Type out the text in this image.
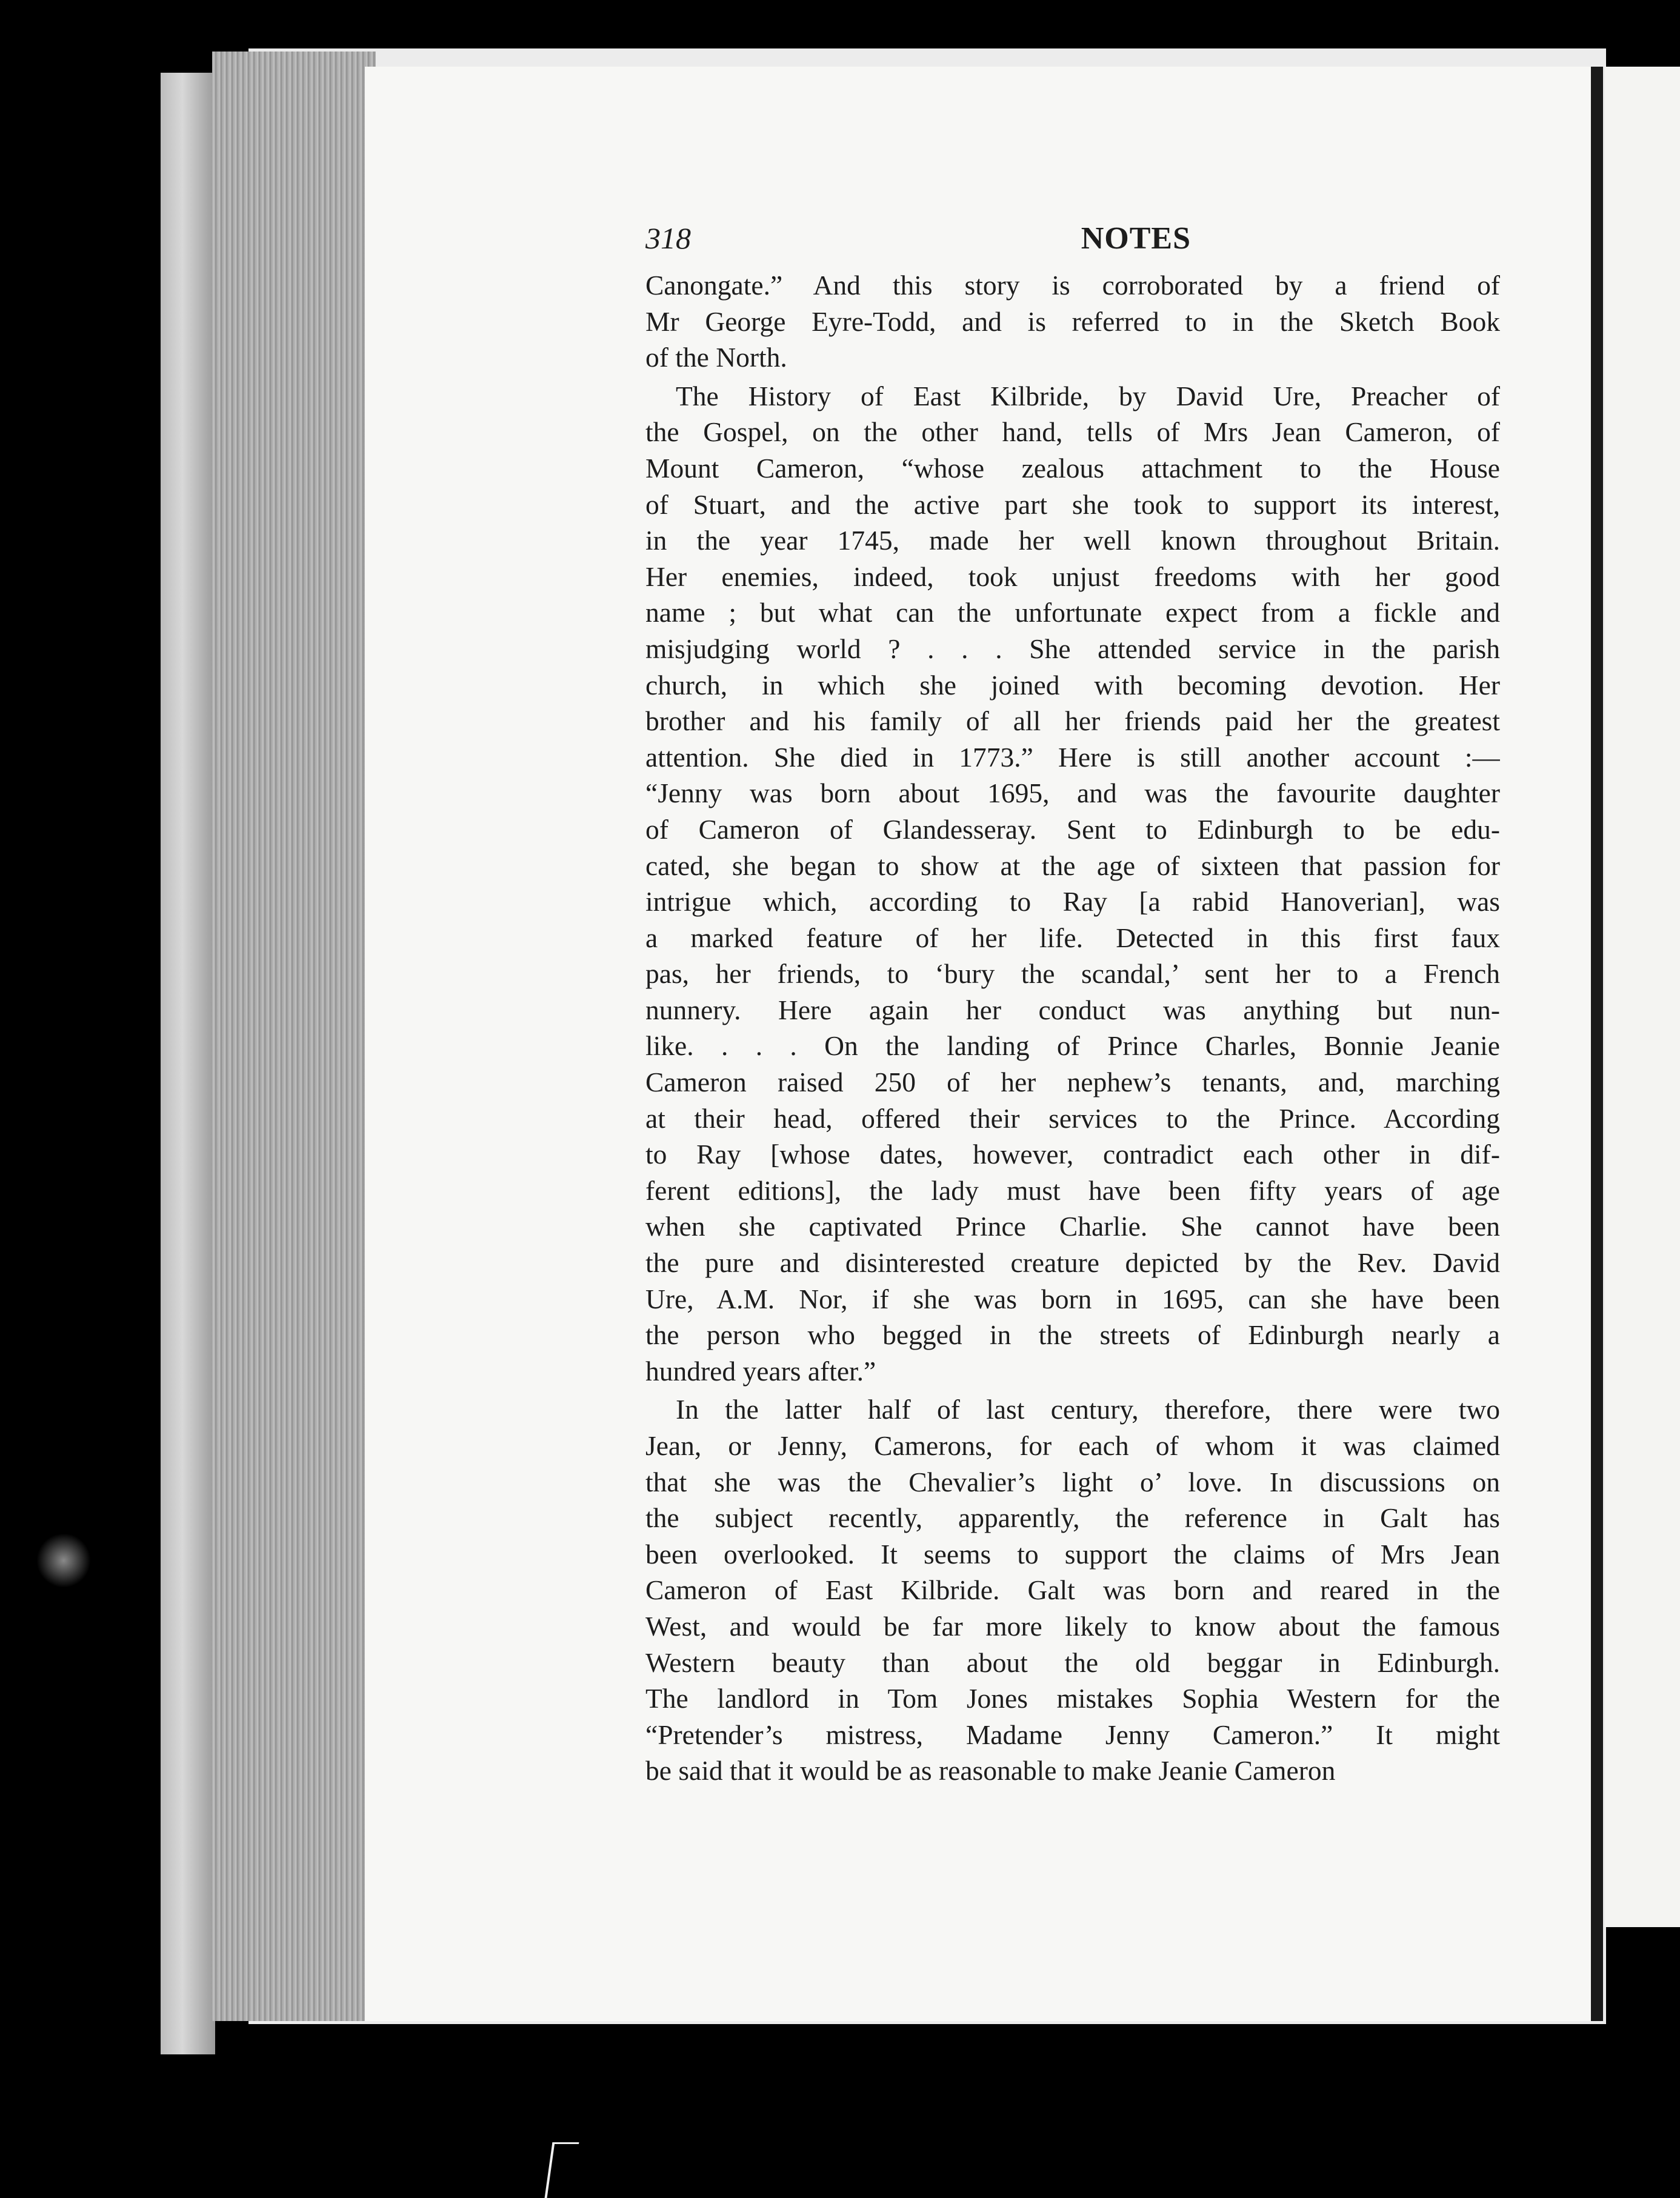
318	NOTES
Canongate.” And this story is corroborated by a friend of
Mr George Eyre-Todd, and is referred to in the Sketch Book
of the North.
The History of East Kilbride, by David Ure, Preacher of
the Gospel, on the other hand, tells of Mrs Jean Cameron, of
Mount Cameron, “whose zealous attachment to the House
of Stuart, and the active part she took to support its interest,
in the year 1745, made her well known throughout Britain.
Her enemies, indeed, took unjust freedoms with her good
name ; but what can the unfortunate expect from a fickle and
misjudging world ? . . . She attended service in the parish
church, in which she joined with becoming devotion. Her
brother and his family of all her friends paid her the greatest
attention. She died in 1773.” Here is still another account :—
“Jenny was born about 1695, and was the favourite daughter
of Cameron of Glandesseray. Sent to Edinburgh to be edu-
cated, she began to show at the age of sixteen that passion for
intrigue which, according to Ray [a rabid Hanoverian], was
a marked feature of her life. Detected in this first faux
pas, her friends, to ‘bury the scandal,’ sent her to a French
nunnery. Here again her conduct was anything but nun-
like. . . . On the landing of Prince Charles, Bonnie Jeanie
Cameron raised 250 of her nephew’s tenants, and, marching
at their head, offered their services to the Prince. According
to Ray [whose dates, however, contradict each other in dif-
ferent editions], the lady must have been fifty years of age
when she captivated Prince Charlie. She cannot have been
the pure and disinterested creature depicted by the Rev. David
Ure, A.M. Nor, if she was born in 1695, can she have been
the person who begged in the streets of Edinburgh nearly a
hundred years after.”
In the latter half of last century, therefore, there were two
Jean, or Jenny, Camerons, for each of whom it was claimed
that she was the Chevalier’s light o’ love. In discussions on
the subject recently, apparently, the reference in Galt has
been overlooked. It seems to support the claims of Mrs Jean
Cameron of East Kilbride. Galt was born and reared in the
West, and would be far more likely to know about the famous
Western beauty than about the old beggar in Edinburgh.
The landlord in Tom Jones mistakes Sophia Western for the
“Pretender’s mistress, Madame Jenny Cameron.” It might
be said that it would be as reasonable to make Jeanie Cameron
